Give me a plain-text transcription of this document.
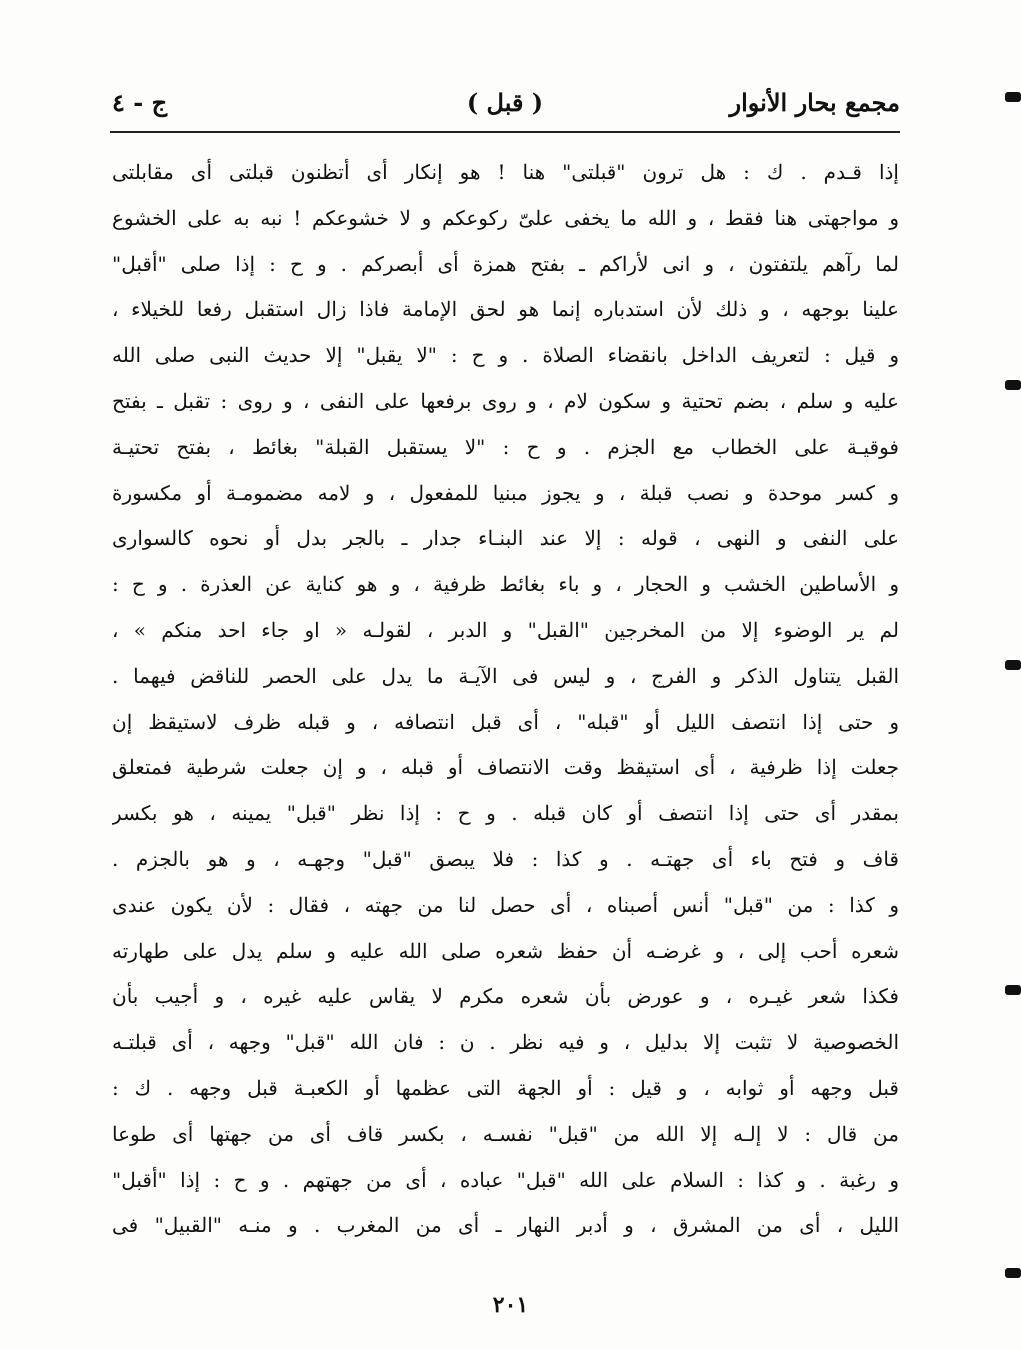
مجمع بحار الأنوار
( قبل )
ج - ٤
إذا قـدم . ك : هل ترون "قبلتى" هنا ! هو إنكار أى أتظنون قبلتى أى مقابلتى
و مواجهتى هنا فقط ، و الله ما يخفى علىّ ركوعكم و لا خشوعكم ! نبه به على الخشوع
لما رآهم يلتفتون ، و انى لأراكم ـ بفتح همزة أى أبصركم . و ح : إذا صلى "أقبل"
علينا بوجهه ، و ذلك لأن استدباره إنما هو لحق الإمامة فاذا زال استقبل رفعا للخيلاء ،
و قيل : لتعريف الداخل بانقضاء الصلاة . و ح : "لا يقبل" إلا حديث النبى صلى الله
عليه و سلم ، بضم تحتية و سكون لام ، و روى برفعها على النفى ، و روى : تقبل ـ بفتح
فوقيـة على الخطاب مع الجزم . و ح : "لا يستقبل القبلة" بغائط ، بفتح تحتيـة
و كسر موحدة و نصب قبلة ، و يجوز مبنيا للمفعول ، و لامه مضمومـة أو مكسورة
على النفى و النهى ، قوله : إلا عند البنـاء جدار ـ بالجر بدل أو نحوه كالسوارى
و الأساطين الخشب و الحجار ، و باء بغائط ظرفية ، و هو كناية عن العذرة . و ح :
لم ير الوضوء إلا من المخرجين "القبل" و الدبر ، لقولـه « او جاء احد منكم » ،
القبل يتناول الذكر و الفرج ، و ليس فى الآيـة ما يدل على الحصر للناقض فيهما .
و حتى إذا انتصف الليل أو "قبله" ، أى قبل انتصافه ، و قبله ظرف لاستيقظ إن
جعلت إذا ظرفية ، أى استيقظ وقت الانتصاف أو قبله ، و إن جعلت شرطية فمتعلق
بمقدر أى حتى إذا انتصف أو كان قبله . و ح : إذا نظر "قبل" يمينه ، هو بكسر
قاف و فتح باء أى جهتـه . و كذا : فلا يبصق "قبل" وجهـه ، و هو بالجزم .
و كذا : من "قبل" أنس أصبناه ، أى حصل لنا من جهته ، فقال : لأن يكون عندى
شعره أحب إلى ، و غرضـه أن حفظ شعره صلى الله عليه و سلم يدل على طهارته
فكذا شعر غيـره ، و عورض بأن شعره مكرم لا يقاس عليه غيره ، و أجيب بأن
الخصوصية لا تثبت إلا بدليل ، و فيه نظر . ن : فان الله "قبل" وجهه ، أى قبلتـه
قبل وجهه أو ثوابه ، و قيل : أو الجهة التى عظمها أو الكعبـة قبل وجهه . ك :
من قال : لا إلـه إلا الله من "قبل" نفسـه ، بكسر قاف أى من جهتها أى طوعا
و رغبة . و كذا : السلام على الله "قبل" عباده ، أى من جهتهم . و ح : إذا "أقبل"
الليل ، أى من المشرق ، و أدبر النهار ـ أى من المغرب . و منـه "القبيل" فى
٢٠١
